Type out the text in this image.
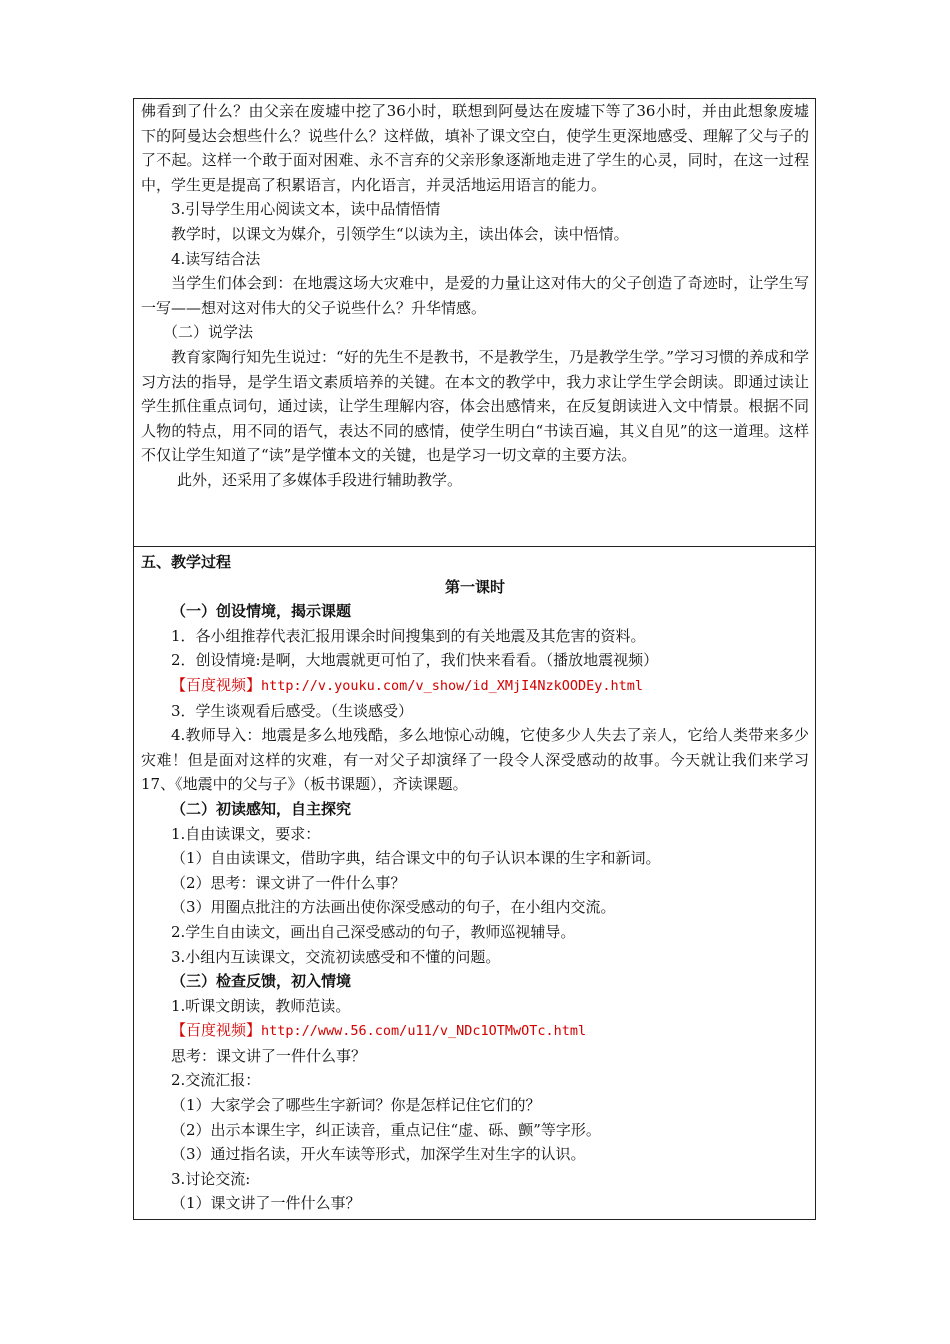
佛看到了什么？由父亲在废墟中挖了36小时，联想到阿曼达在废墟下等了36小时，并由此想象废墟下的阿曼达会想些什么？说些什么？这样做，填补了课文空白，使学生更深地感受、理解了父与子的了不起。这样一个敢于面对困难、永不言弃的父亲形象逐渐地走进了学生的心灵，同时，在这一过程中，学生更是提高了积累语言，内化语言，并灵活地运用语言的能力。

3.引导学生用心阅读文本，读中品情悟情

教学时，以课文为媒介，引领学生“以读为主，读出体会，读中悟情。

4.读写结合法

当学生们体会到：在地震这场大灾难中，是爱的力量让这对伟大的父子创造了奇迹时，让学生写一写——想对这对伟大的父子说些什么？升华情感。

（二）说学法

教育家陶行知先生说过：“好的先生不是教书，不是教学生，乃是教学生学。”学习习惯的养成和学习方法的指导，是学生语文素质培养的关键。在本文的教学中，我力求让学生学会朗读。即通过读让学生抓住重点词句，通过读，让学生理解内容，体会出感情来，在反复朗读进入文中情景。根据不同人物的特点，用不同的语气，表达不同的感情，使学生明白“书读百遍，其义自见”的这一道理。这样不仅让学生知道了“读”是学懂本文的关键，也是学习一切文章的主要方法。

此外，还采用了多媒体手段进行辅助教学。

五、教学过程

第一课时

（一）创设情境，揭示课题

1．各小组推荐代表汇报用课余时间搜集到的有关地震及其危害的资料。

2．创设情境:是啊，大地震就更可怕了，我们快来看看。（播放地震视频）

【百度视频】http://v.youku.com/v_show/id_XMjI4NzkOODEy.html

3．学生谈观看后感受。（生谈感受）

4.教师导入：地震是多么地残酷，多么地惊心动魄，它使多少人失去了亲人，它给人类带来多少灾难！但是面对这样的灾难，有一对父子却演绎了一段令人深受感动的故事。今天就让我们来学习　17、《地震中的父与子》（板书课题），齐读课题。

（二）初读感知，自主探究

1.自由读课文，要求：

（1）自由读课文，借助字典，结合课文中的句子认识本课的生字和新词。

（2）思考：课文讲了一件什么事？

（3）用圈点批注的方法画出使你深受感动的句子，在小组内交流。

2.学生自由读文，画出自己深受感动的句子，教师巡视辅导。

3.小组内互读课文，交流初读感受和不懂的问题。

（三）检查反馈，初入情境

1.听课文朗读，教师范读。

【百度视频】http://www.56.com/u11/v_NDc1OTMwOTc.html

思考：课文讲了一件什么事？

2.交流汇报：

（1）大家学会了哪些生字新词？你是怎样记住它们的？

（2）出示本课生字，纠正读音，重点记住“虚、砾、颤”等字形。

（3）通过指名读，开火车读等形式，加深学生对生字的认识。

3.讨论交流:

（1）课文讲了一件什么事？
